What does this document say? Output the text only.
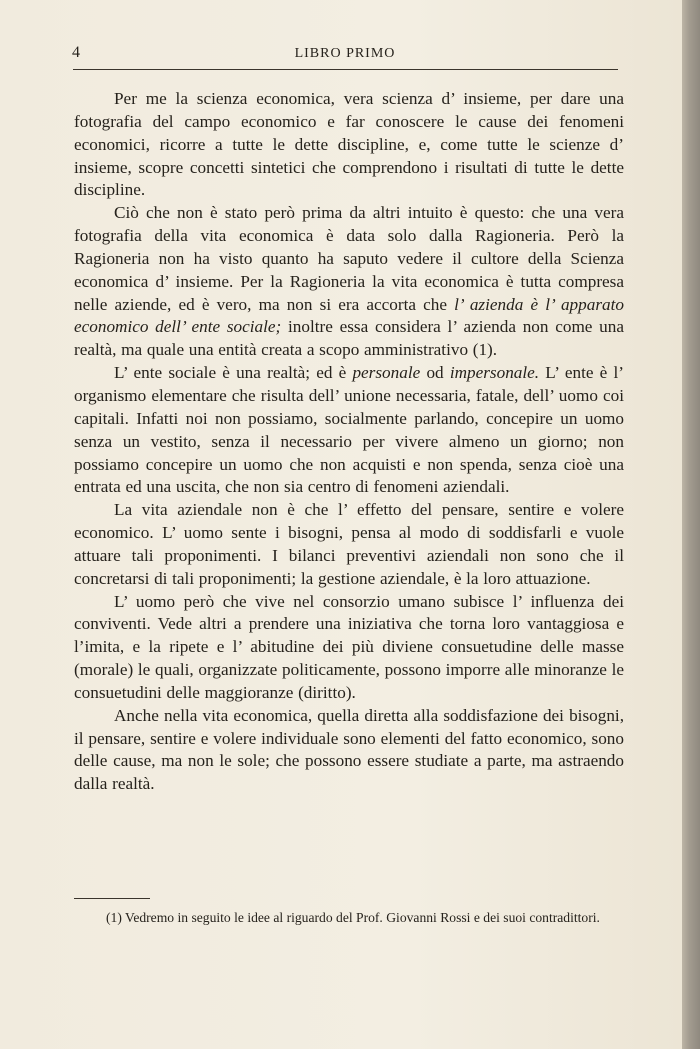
4	LIBRO PRIMO

Per me la scienza economica, vera scienza d’ insieme, per dare una fotografia del campo economico e far conoscere le cause dei fenomeni economici, ricorre a tutte le dette discipline, e, come tutte le scienze d’ insieme, scopre concetti sintetici che comprendono i risultati di tutte le dette discipline.

Ciò che non è stato però prima da altri intuito è questo: che una vera fotografia della vita economica è data solo dalla Ragioneria. Però la Ragioneria non ha visto quanto ha saputo vedere il cultore della Scienza economica d’ insieme. Per la Ragioneria la vita economica è tutta compresa nelle aziende, ed è vero, ma non si era accorta che l’ azienda è l’ apparato economico dell’ ente sociale; inoltre essa considera l’ azienda non come una realtà, ma quale una entità creata a scopo amministrativo (1).

L’ ente sociale è una realtà; ed è personale od impersonale. L’ ente è l’ organismo elementare che risulta dell’ unione necessaria, fatale, dell’ uomo coi capitali. Infatti noi non possiamo, socialmente parlando, concepire un uomo senza un vestito, senza il necessario per vivere almeno un giorno; non possiamo concepire un uomo che non acquisti e non spenda, senza cioè una entrata ed una uscita, che non sia centro di fenomeni aziendali.

La vita aziendale non è che l’ effetto del pensare, sentire e volere economico. L’ uomo sente i bisogni, pensa al modo di soddisfarli e vuole attuare tali proponimenti. I bilanci preventivi aziendali non sono che il concretarsi di tali proponimenti; la gestione aziendale, è la loro attuazione.

L’ uomo però che vive nel consorzio umano subisce l’ influenza dei conviventi. Vede altri a prendere una iniziativa che torna loro vantaggiosa e l’imita, e la ripete e l’ abitudine dei più diviene consuetudine delle masse (morale) le quali, organizzate politicamente, possono imporre alle minoranze le consuetudini delle maggioranze (diritto).

Anche nella vita economica, quella diretta alla soddisfazione dei bisogni, il pensare, sentire e volere individuale sono elementi del fatto economico, sono delle cause, ma non le sole; che possono essere studiate a parte, ma astraendo dalla realtà.

(1) Vedremo in seguito le idee al riguardo del Prof. Giovanni Rossi e dei suoi contradittori.
